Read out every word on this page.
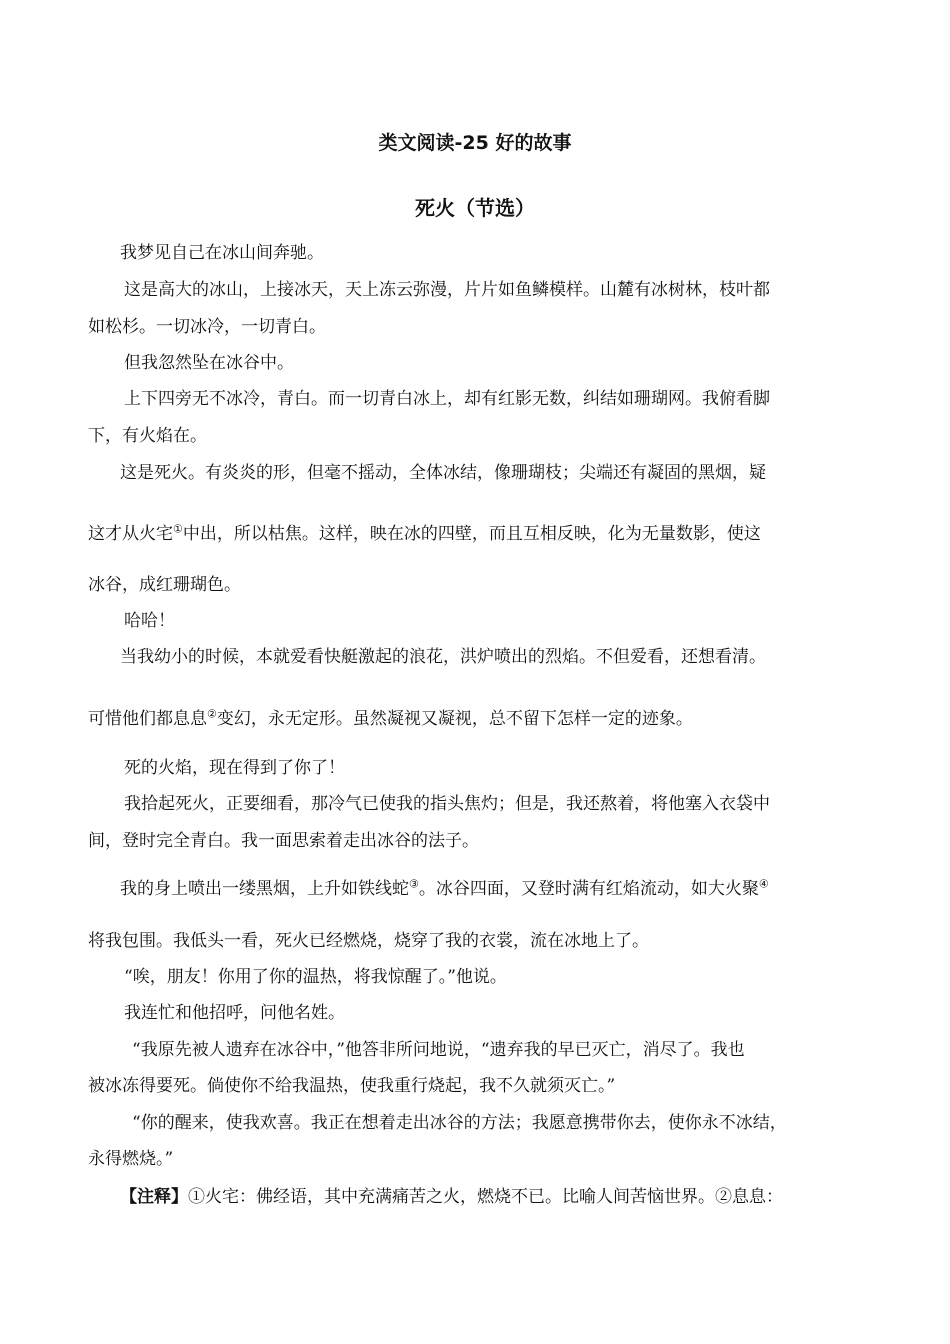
类文阅读-25 好的故事
死火（节选）
我梦见自己在冰山间奔驰。
这是高大的冰山，上接冰天，天上冻云弥漫，片片如鱼鳞模样。山麓有冰树林，枝叶都
如松杉。一切冰冷，一切青白。
但我忽然坠在冰谷中。
上下四旁无不冰冷，青白。而一切青白冰上，却有红影无数，纠结如珊瑚网。我俯看脚
下，有火焰在。
这是死火。有炎炎的形，但毫不摇动，全体冰结，像珊瑚枝；尖端还有凝固的黑烟，疑
这才从火宅①中出，所以枯焦。这样，映在冰的四壁，而且互相反映，化为无量数影，使这
冰谷，成红珊瑚色。
哈哈！
当我幼小的时候，本就爱看快艇激起的浪花，洪炉喷出的烈焰。不但爱看，还想看清。
可惜他们都息息②变幻，永无定形。虽然凝视又凝视，总不留下怎样一定的迹象。
死的火焰，现在得到了你了！
我拾起死火，正要细看，那冷气已使我的指头焦灼；但是，我还熬着，将他塞入衣袋中
间，登时完全青白。我一面思索着走出冰谷的法子。
我的身上喷出一缕黑烟，上升如铁线蛇③。冰谷四面，又登时满有红焰流动，如大火聚④
将我包围。我低头一看，死火已经燃烧，烧穿了我的衣裳，流在冰地上了。
“唉，朋友！你用了你的温热，将我惊醒了。”他说。
我连忙和他招呼，问他名姓。
“我原先被人遗弃在冰谷中，”他答非所问地说，“遗弃我的早已灭亡，消尽了。我也
被冰冻得要死。倘使你不给我温热，使我重行烧起，我不久就须灭亡。”
“你的醒来，使我欢喜。我正在想着走出冰谷的方法；我愿意携带你去，使你永不冰结，
永得燃烧。”
【注释】①火宅：佛经语，其中充满痛苦之火，燃烧不已。比喻人间苦恼世界。②息息：
